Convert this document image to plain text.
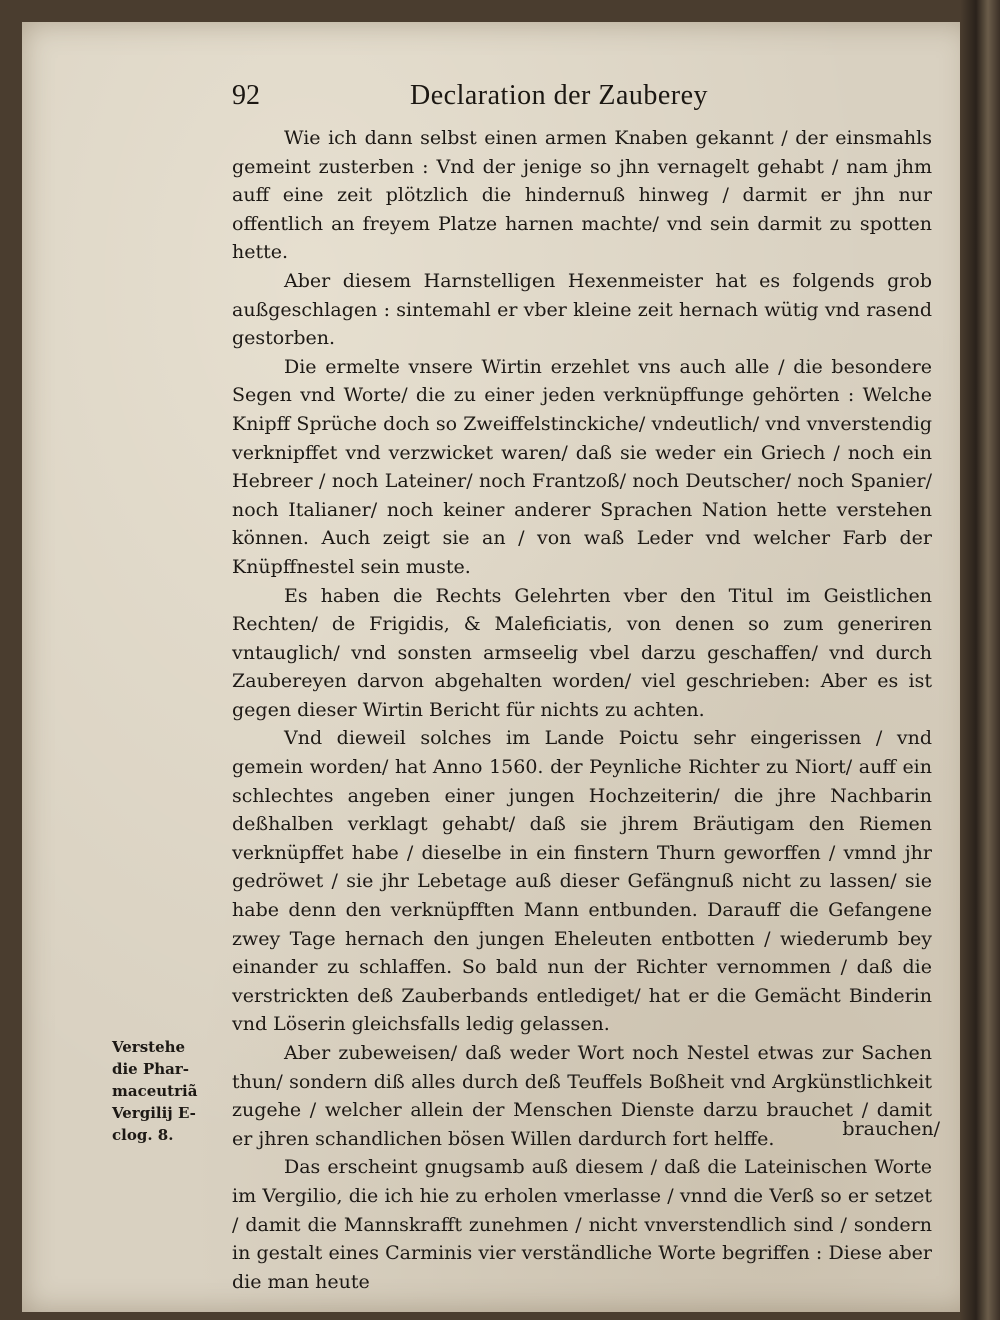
92	Declaration der Zauberey

Wie ich dann selbst einen armen Knaben gekannt / der einsmahls gemeint zusterben : Vnd der jenige so jhn vernagelt gehabt / nam jhm auff eine zeit plötzlich die hindernuß hinweg / darmit er jhn nur offentlich an freyem Platze harnen machte/ vnd sein darmit zu spotten hette.

Aber diesem Harnstelligen Hexenmeister hat es folgends grob außgeschlagen : sintemahl er vber kleine zeit hernach wütig vnd rasend gestorben.

Die ermelte vnsere Wirtin erzehlet vns auch alle / die besondere Segen vnd Worte/ die zu einer jeden verknüpffunge gehörten : Welche Knipff Sprüche doch so Zweiffelstinckiche/ vndeutlich/ vnd vnverstendig verknipffet vnd verzwicket waren/ daß sie weder ein Griech / noch ein Hebreer / noch Lateiner/ noch Frantzoß/ noch Deutscher/ noch Spanier/ noch Italianer/ noch keiner anderer Sprachen Nation hette verstehen können. Auch zeigt sie an / von waß Leder vnd welcher Farb der Knüpffnestel sein muste.

Es haben die Rechts Gelehrten vber den Titul im Geistlichen Rechten/ de Frigidis, & Maleficiatis, von denen so zum generiren vntauglich/ vnd sonsten armseelig vbel darzu geschaffen/ vnd durch Zaubereyen darvon abgehalten worden/ viel geschrieben: Aber es ist gegen dieser Wirtin Bericht für nichts zu achten.

Vnd dieweil solches im Lande Poictu sehr eingerissen / vnd gemein worden/ hat Anno 1560. der Peynliche Richter zu Niort/ auff ein schlechtes angeben einer jungen Hochzeiterin/ die jhre Nachbarin deßhalben verklagt gehabt/ daß sie jhrem Bräutigam den Riemen verknüpffet habe / dieselbe in ein finstern Thurn geworffen / vmnd jhr gedröwet / sie jhr Lebetage auß dieser Gefängnuß nicht zu lassen/ sie habe denn den verknüpfften Mann entbunden. Darauff die Gefangene zwey Tage hernach den jungen Eheleuten entbotten / wiederumb bey einander zu schlaffen. So bald nun der Richter vernommen / daß die verstrickten deß Zauberbands entlediget/ hat er die Gemächt Binderin vnd Löserin gleichsfalls ledig gelassen.

Aber zubeweisen/ daß weder Wort noch Nestel etwas zur Sachen thun/ sondern diß alles durch deß Teuffels Boßheit vnd Argkünstlichkeit zugehe / welcher allein der Menschen Dienste darzu brauchet / damit er jhren schandlichen bösen Willen dardurch fort helffe.

Das erscheint gnugsamb auß diesem / daß die Lateinischen Worte im Vergilio, die ich hie zu erholen vmerlasse / vnnd die Verß so er setzet / damit die Mannskrafft zunehmen / nicht vnverstendlich sind / sondern in gestalt eines Carminis vier verständliche Worte begriffen : Diese aber die man heute

Verstehe
die Phar-
maceutriã
Vergilij E-
clog. 8.	brauchen/
